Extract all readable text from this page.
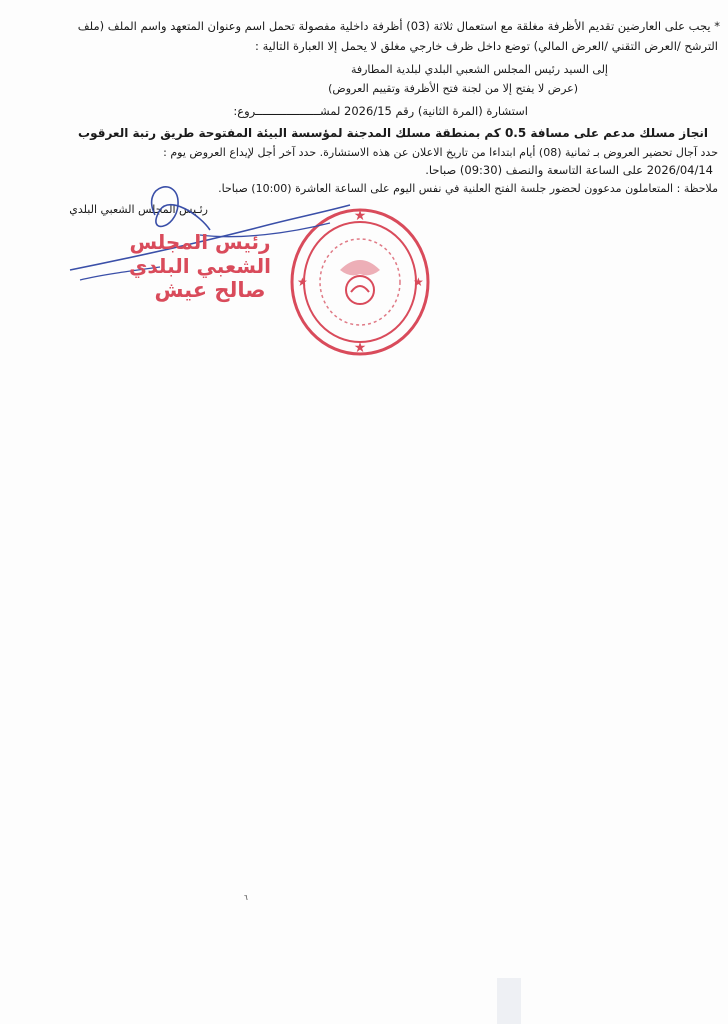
* يجب على العارضين تقديم الأظرفة مغلقة مع استعمال ثلاثة (03) أظرفة داخلية مفصولة تحمل اسم وعنوان المتعهد واسم الملف (ملف
الترشح /العرض التقني /العرض المالي) توضع داخل ظرف خارجي مغلق لا يحمل إلا العبارة التالية :
إلى السيد رئيس المجلس الشعبي البلدي لبلدية المطارفة
(عرض لا يفتح إلا من لجنة فتح الأظرفة وتقييم العروض)
استشارة (المرة الثانية) رقم 2026/15 لمشـــــــــــــــــــروع:
انجاز مسلك مدعم على مسافة 0.5 كم بمنطقة مسلك المدجنة لمؤسسة البيئة المفتوحة طريق رتبة العرقوب
حدد آجال تحضير العروض بـ ثمانية (08) أيام ابتداءا من تاريخ الاعلان عن هذه الاستشارة. حدد آخر أجل لإيداع العروض يوم :
2026/04/14 على الساعة التاسعة والنصف (09:30) صباحا.
ملاحظة : المتعاملون مدعوون لحضور جلسة الفتح العلنية في نفس اليوم على الساعة العاشرة (10:00) صباحا.
رئـيس المجلس الشعبي البلدي	★
★
★	★
رئيس المجلس الشعبي البلدي
صالح عيش
٦
